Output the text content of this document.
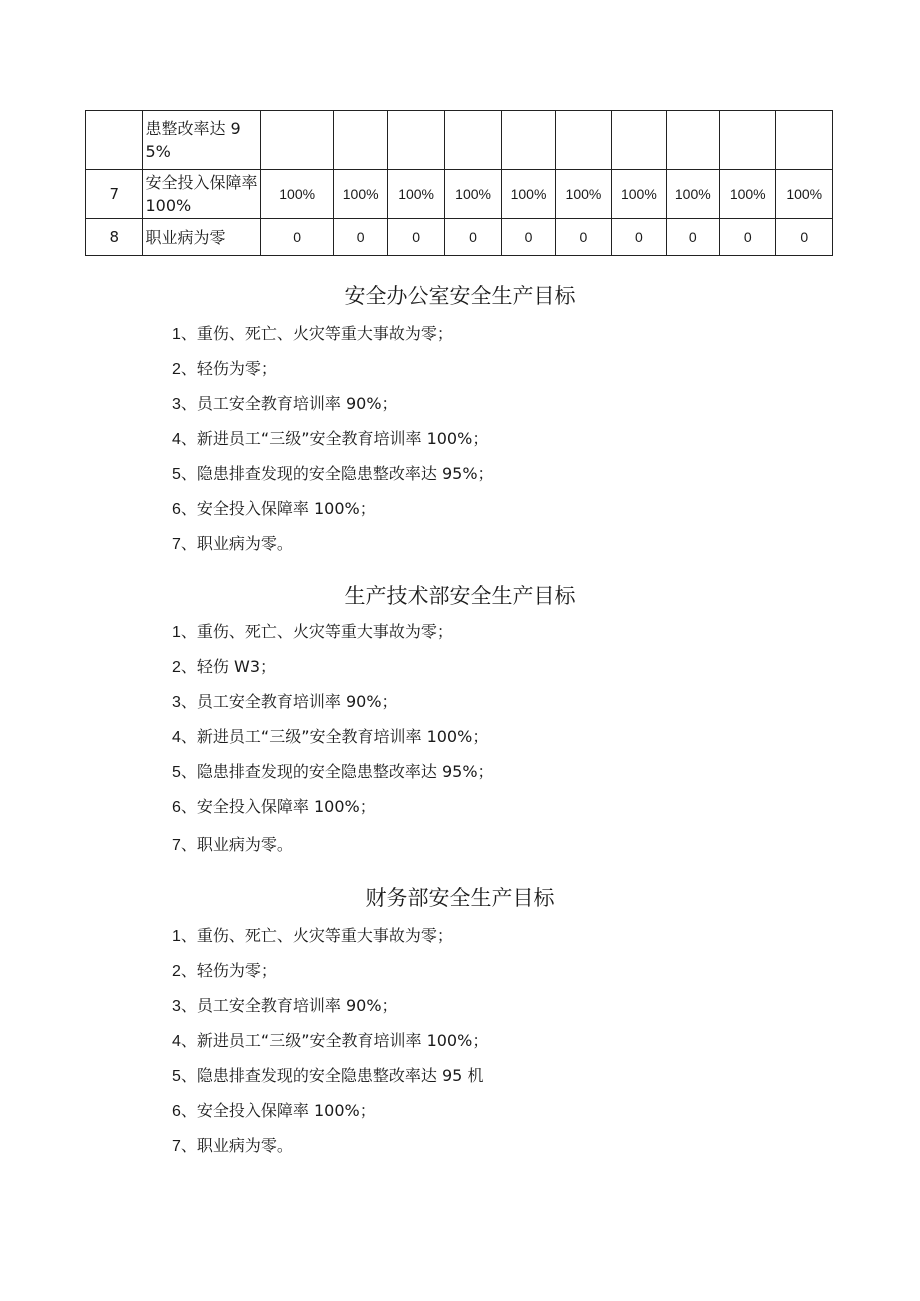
	患整改率达 95%										
7	安全投入保障率 100%	100%	100%	100%	100%	100%	100%	100%	100%	100%	100%
8	职业病为零	0	0	0	0	0	0	0	0	0	0
安全办公室安全生产目标
1、重伤、死亡、火灾等重大事故为零；
2、轻伤为零；
3、员工安全教育培训率 90%；
4、新进员工“三级”安全教育培训率 100%；
5、隐患排查发现的安全隐患整改率达 95%；
6、安全投入保障率 100%；
7、职业病为零。
生产技术部安全生产目标
1、重伤、死亡、火灾等重大事故为零；
2、轻伤 W3；
3、员工安全教育培训率 90%；
4、新进员工“三级”安全教育培训率 100%；
5、隐患排查发现的安全隐患整改率达 95%；
6、安全投入保障率 100%；
7、职业病为零。
财务部安全生产目标
1、重伤、死亡、火灾等重大事故为零；
2、轻伤为零；
3、员工安全教育培训率 90%；
4、新进员工“三级”安全教育培训率 100%；
5、隐患排查发现的安全隐患整改率达 95 机
6、安全投入保障率 100%；
7、职业病为零。
